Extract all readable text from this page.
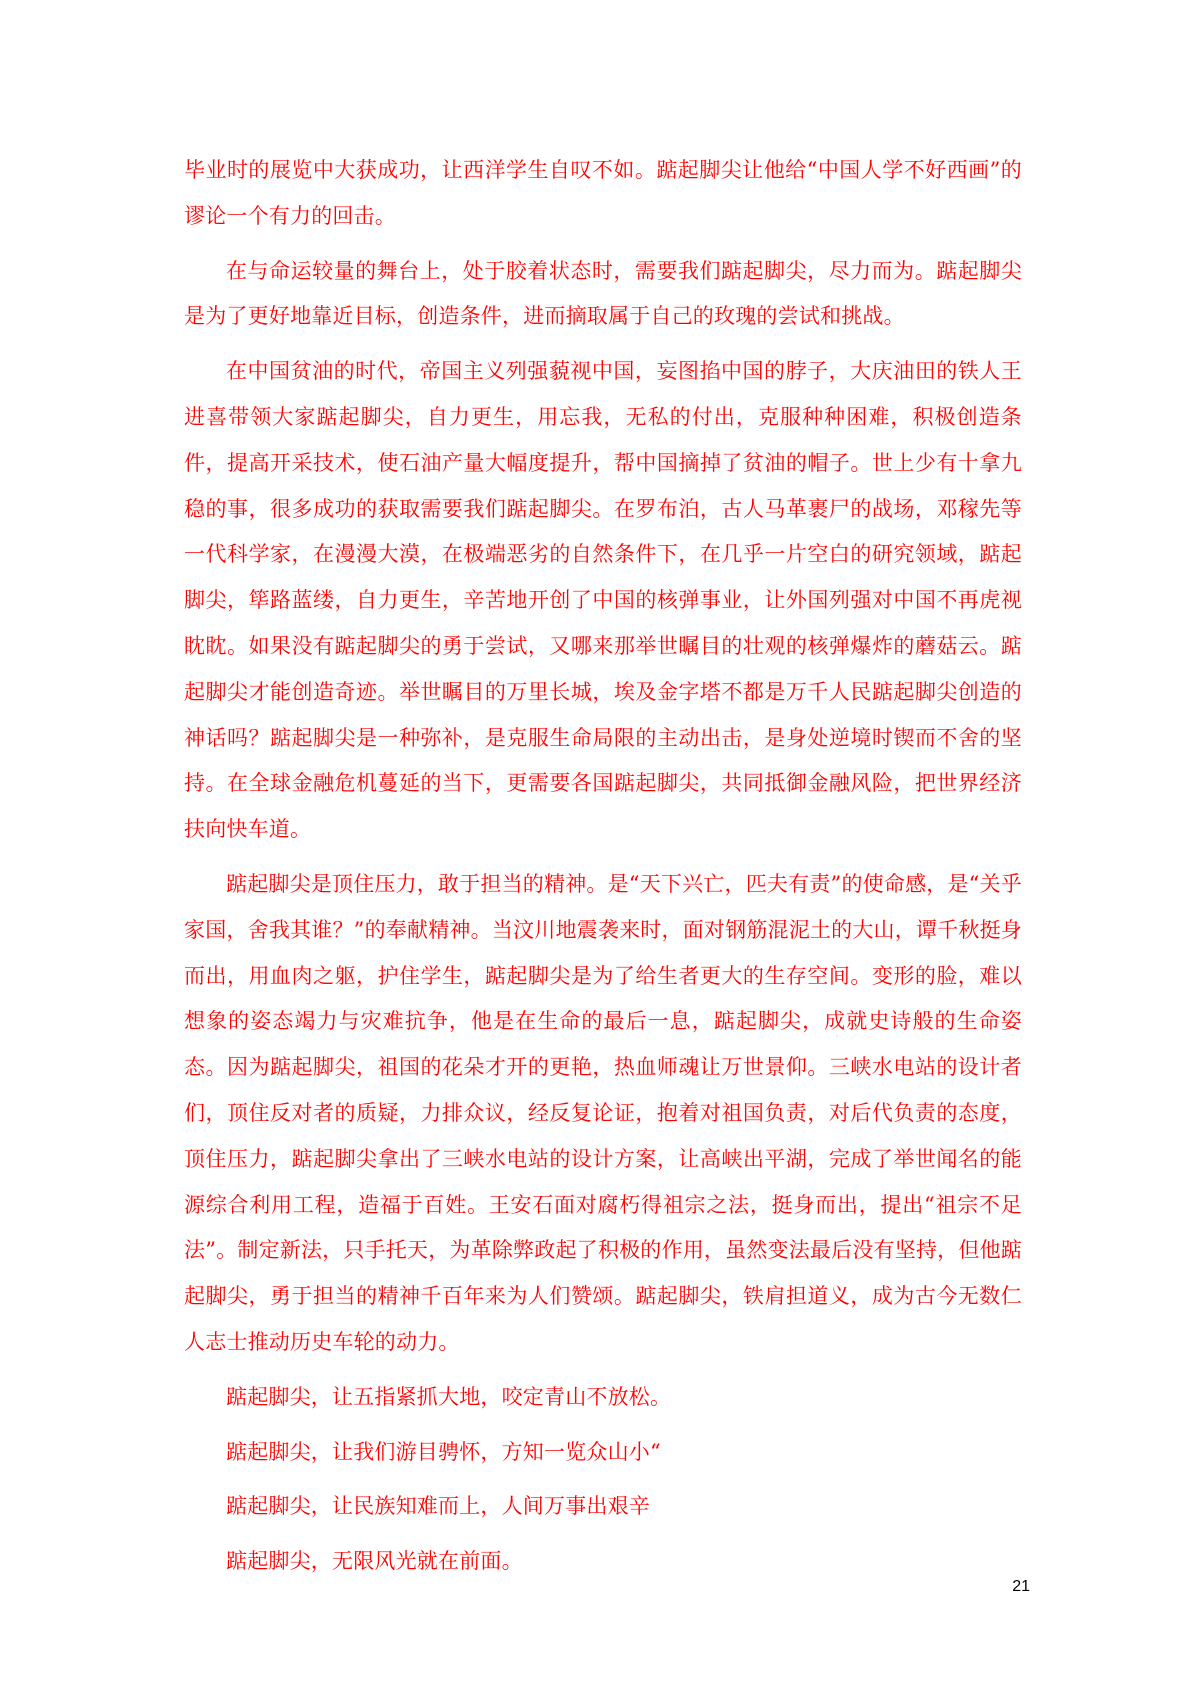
毕业时的展览中大获成功，让西洋学生自叹不如。踮起脚尖让他给“中国人学不好西画”的谬论一个有力的回击。

在与命运较量的舞台上，处于胶着状态时，需要我们踮起脚尖，尽力而为。踮起脚尖是为了更好地靠近目标，创造条件，进而摘取属于自己的玫瑰的尝试和挑战。

在中国贫油的时代，帝国主义列强藐视中国，妄图掐中国的脖子，大庆油田的铁人王进喜带领大家踮起脚尖，自力更生，用忘我，无私的付出，克服种种困难，积极创造条件，提高开采技术，使石油产量大幅度提升，帮中国摘掉了贫油的帽子。世上少有十拿九稳的事，很多成功的获取需要我们踮起脚尖。在罗布泊，古人马革裹尸的战场，邓稼先等一代科学家，在漫漫大漠，在极端恶劣的自然条件下，在几乎一片空白的研究领域，踮起脚尖，筚路蓝缕，自力更生，辛苦地开创了中国的核弹事业，让外国列强对中国不再虎视眈眈。如果没有踮起脚尖的勇于尝试，又哪来那举世瞩目的壮观的核弹爆炸的蘑菇云。踮起脚尖才能创造奇迹。举世瞩目的万里长城，埃及金字塔不都是万千人民踮起脚尖创造的神话吗？踮起脚尖是一种弥补，是克服生命局限的主动出击，是身处逆境时锲而不舍的坚持。在全球金融危机蔓延的当下，更需要各国踮起脚尖，共同抵御金融风险，把世界经济扶向快车道。

踮起脚尖是顶住压力，敢于担当的精神。是“天下兴亡，匹夫有责”的使命感，是“关乎家国，舍我其谁？”的奉献精神。当汶川地震袭来时，面对钢筋混泥土的大山，谭千秋挺身而出，用血肉之躯，护住学生，踮起脚尖是为了给生者更大的生存空间。变形的脸，难以想象的姿态竭力与灾难抗争，他是在生命的最后一息，踮起脚尖，成就史诗般的生命姿态。因为踮起脚尖，祖国的花朵才开的更艳，热血师魂让万世景仰。三峡水电站的设计者们，顶住反对者的质疑，力排众议，经反复论证，抱着对祖国负责，对后代负责的态度，顶住压力，踮起脚尖拿出了三峡水电站的设计方案，让高峡出平湖，完成了举世闻名的能源综合利用工程，造福于百姓。王安石面对腐朽得祖宗之法，挺身而出，提出“祖宗不足法”。制定新法，只手托天，为革除弊政起了积极的作用，虽然变法最后没有坚持，但他踮起脚尖，勇于担当的精神千百年来为人们赞颂。踮起脚尖，铁肩担道义，成为古今无数仁人志士推动历史车轮的动力。

踮起脚尖，让五指紧抓大地，咬定青山不放松。

踮起脚尖，让我们游目骋怀，方知一览众山小“

踮起脚尖，让民族知难而上，人间万事出艰辛

踮起脚尖，无限风光就在前面。

21
